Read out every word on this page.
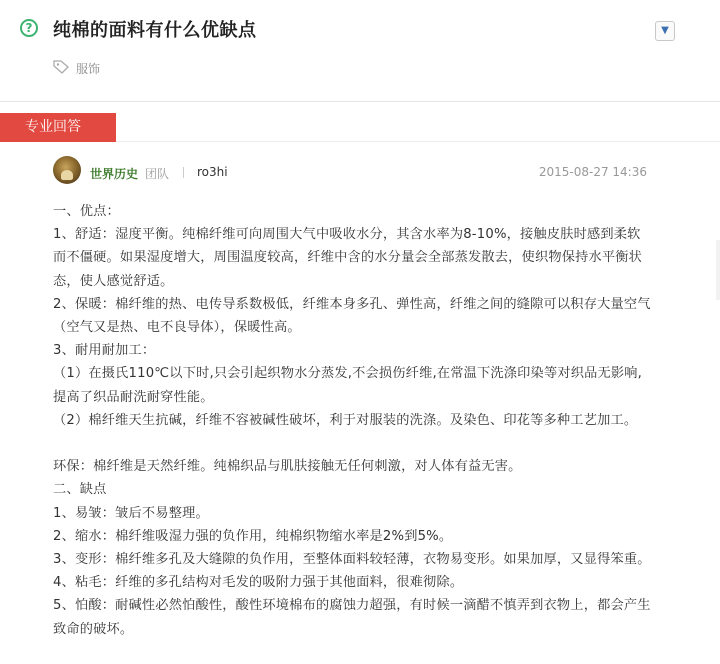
?	纯棉的面料有什么优缺点	▼
服饰
专业回答
世界历史 团队 ro3hi	2015-08-27 14:36

一、优点：

1、舒适：湿度平衡。纯棉纤维可向周围大气中吸收水分，其含水率为8-10%，接触皮肤时感到柔软而不僵硬。如果湿度增大，周围温度较高，纤维中含的水分量会全部蒸发散去，使织物保持水平衡状态，使人感觉舒适。

2、保暖：棉纤维的热、电传导系数极低，纤维本身多孔、弹性高，纤维之间的缝隙可以积存大量空气（空气又是热、电不良导体），保暖性高。

3、耐用耐加工：

（1）在摄氏110℃以下时,只会引起织物水分蒸发,不会损伤纤维,在常温下洗涤印染等对织品无影响,提高了织品耐洗耐穿性能。

（2）棉纤维天生抗碱，纤维不容被碱性破坏，利于对服装的洗涤。及染色、印花等多种工艺加工。

环保：棉纤维是天然纤维。纯棉织品与肌肤接触无任何刺激，对人体有益无害。

二、缺点

1、易皱：皱后不易整理。

2、缩水：棉纤维吸湿力强的负作用，纯棉织物缩水率是2%到5%。

3、变形：棉纤维多孔及大缝隙的负作用，至整体面料较轻薄，衣物易变形。如果加厚，又显得笨重。

4、粘毛：纤维的多孔结构对毛发的吸附力强于其他面料，很难彻除。

5、怕酸：耐碱性必然怕酸性，酸性环境棉布的腐蚀力超强，有时候一滴醋不慎弄到衣物上，都会产生致命的破坏。
